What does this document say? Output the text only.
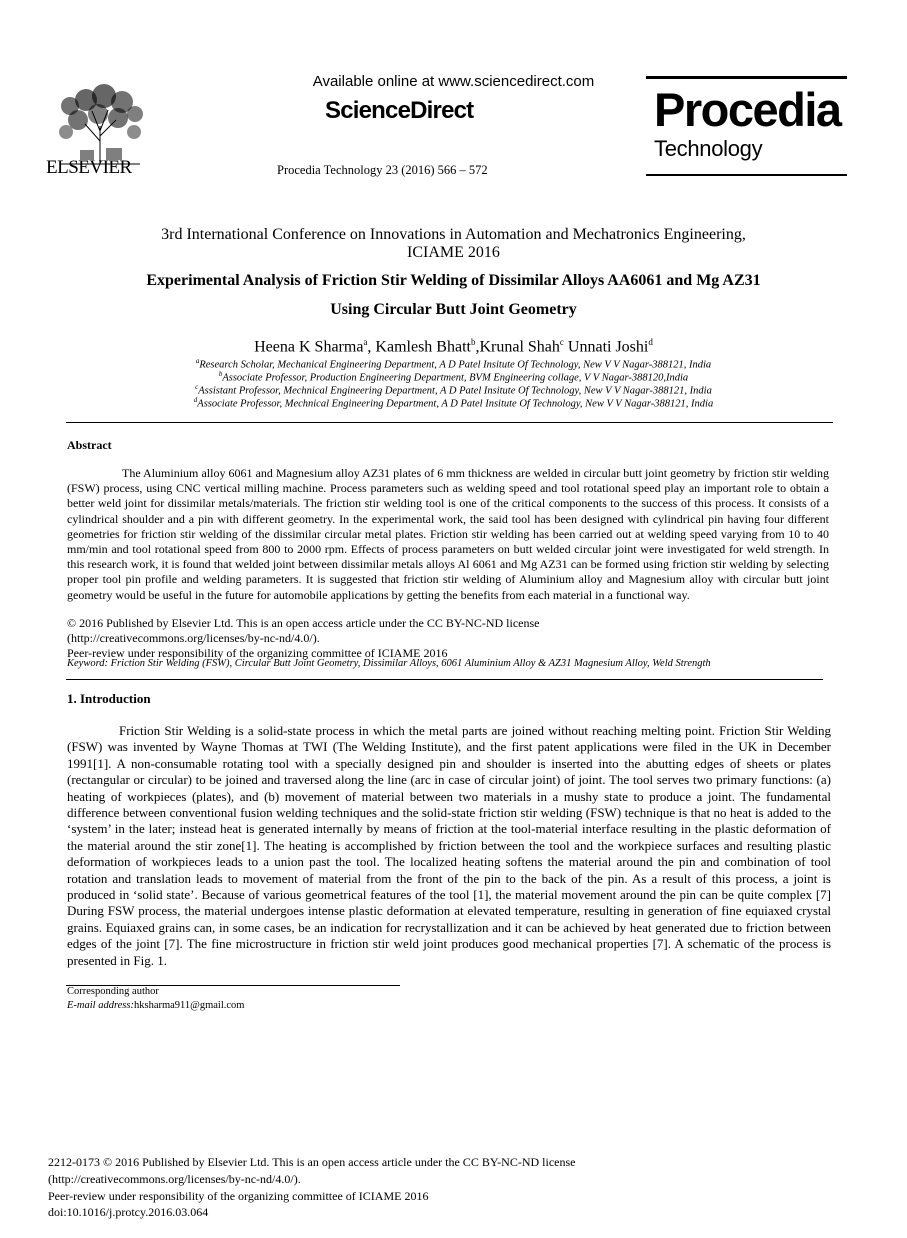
ELSEVIER
Available online at www.sciencedirect.com
ScienceDirect
Procedia Technology 23 (2016) 566 – 572
Procedia
Technology
3rd International Conference on Innovations in Automation and Mechatronics Engineering,
ICIAME 2016
Experimental Analysis of Friction Stir Welding of Dissimilar Alloys AA6061 and Mg AZ31
Using Circular Butt Joint Geometry
Heena K Sharma$^a$, Kamlesh Bhatt$^b$,Krunal Shah$^c$ Unnati Joshi$^d$
$^a$Research Scholar, Mechanical Engineering Department, A D Patel Insitute Of Technology, New V V Nagar-388121, India
$^b$Associate Professor, Production Engineering Department, BVM Engineering collage, V V Nagar-388120,India
$^c$Assistant Professor, Mechnical Engineering Department, A D Patel Insitute Of Technology, New V V Nagar-388121, India
$^d$Associate Professor, Mechnical Engineering Department, A D Patel Insitute Of Technology, New V V Nagar-388121, India
Abstract
The Aluminium alloy 6061 and Magnesium alloy AZ31 plates of 6 mm thickness are welded in circular butt joint geometry by friction stir welding (FSW) process, using CNC vertical milling machine. Process parameters such as welding speed and tool rotational speed play an important role to obtain a better weld joint for dissimilar metals/materials. The friction stir welding tool is one of the critical components to the success of this process. It consists of a cylindrical shoulder and a pin with different geometry. In the experimental work, the said tool has been designed with cylindrical pin having four different geometries for friction stir welding of the dissimilar circular metal plates. Friction stir welding has been carried out at welding speed varying from 10 to 40 mm/min and tool rotational speed from 800 to 2000 rpm. Effects of process parameters on butt welded circular joint were investigated for weld strength. In this research work, it is found that welded joint between dissimilar metals alloys Al 6061 and Mg AZ31 can be formed using friction stir welding by selecting proper tool pin profile and welding parameters. It is suggested that friction stir welding of Aluminium alloy and Magnesium alloy with circular butt joint geometry would be useful in the future for automobile applications by getting the benefits from each material in a functional way.
© 2016 Published by Elsevier Ltd. This is an open access article under the CC BY-NC-ND license
(http://creativecommons.org/licenses/by-nc-nd/4.0/).
Peer-review under responsibility of the organizing committee of ICIAME 2016
Keyword: Friction Stir Welding (FSW), Circular Butt Joint Geometry, Dissimilar Alloys, 6061 Aluminium Alloy & AZ31 Magnesium Alloy, Weld Strength
1. Introduction
Friction Stir Welding is a solid-state process in which the metal parts are joined without reaching melting point. Friction Stir Welding (FSW) was invented by Wayne Thomas at TWI (The Welding Institute), and the first patent applications were filed in the UK in December 1991[1]. A non-consumable rotating tool with a specially designed pin and shoulder is inserted into the abutting edges of sheets or plates (rectangular or circular) to be joined and traversed along the line (arc in case of circular joint) of joint. The tool serves two primary functions: (a) heating of workpieces (plates), and (b) movement of material between two materials in a mushy state to produce a joint. The fundamental difference between conventional fusion welding techniques and the solid-state friction stir welding (FSW) technique is that no heat is added to the ‘system’ in the later; instead heat is generated internally by means of friction at the tool-material interface resulting in the plastic deformation of the material around the stir zone[1]. The heating is accomplished by friction between the tool and the workpiece surfaces and resulting plastic deformation of workpieces leads to a union past the tool. The localized heating softens the material around the pin and combination of tool rotation and translation leads to movement of material from the front of the pin to the back of the pin. As a result of this process, a joint is produced in ‘solid state’. Because of various geometrical features of the tool [1], the material movement around the pin can be quite complex [7] During FSW process, the material undergoes intense plastic deformation at elevated temperature, resulting in generation of fine equiaxed crystal grains. Equiaxed grains can, in some cases, be an indication for recrystallization and it can be achieved by heat generated due to friction between edges of the joint [7]. The fine microstructure in friction stir weld joint produces good mechanical properties [7]. A schematic of the process is presented in Fig. 1.
Corresponding author
E-mail address:hksharma911@gmail.com
2212-0173 © 2016 Published by Elsevier Ltd. This is an open access article under the CC BY-NC-ND license
(http://creativecommons.org/licenses/by-nc-nd/4.0/).
Peer-review under responsibility of the organizing committee of ICIAME 2016
doi:10.1016/j.protcy.2016.03.064
